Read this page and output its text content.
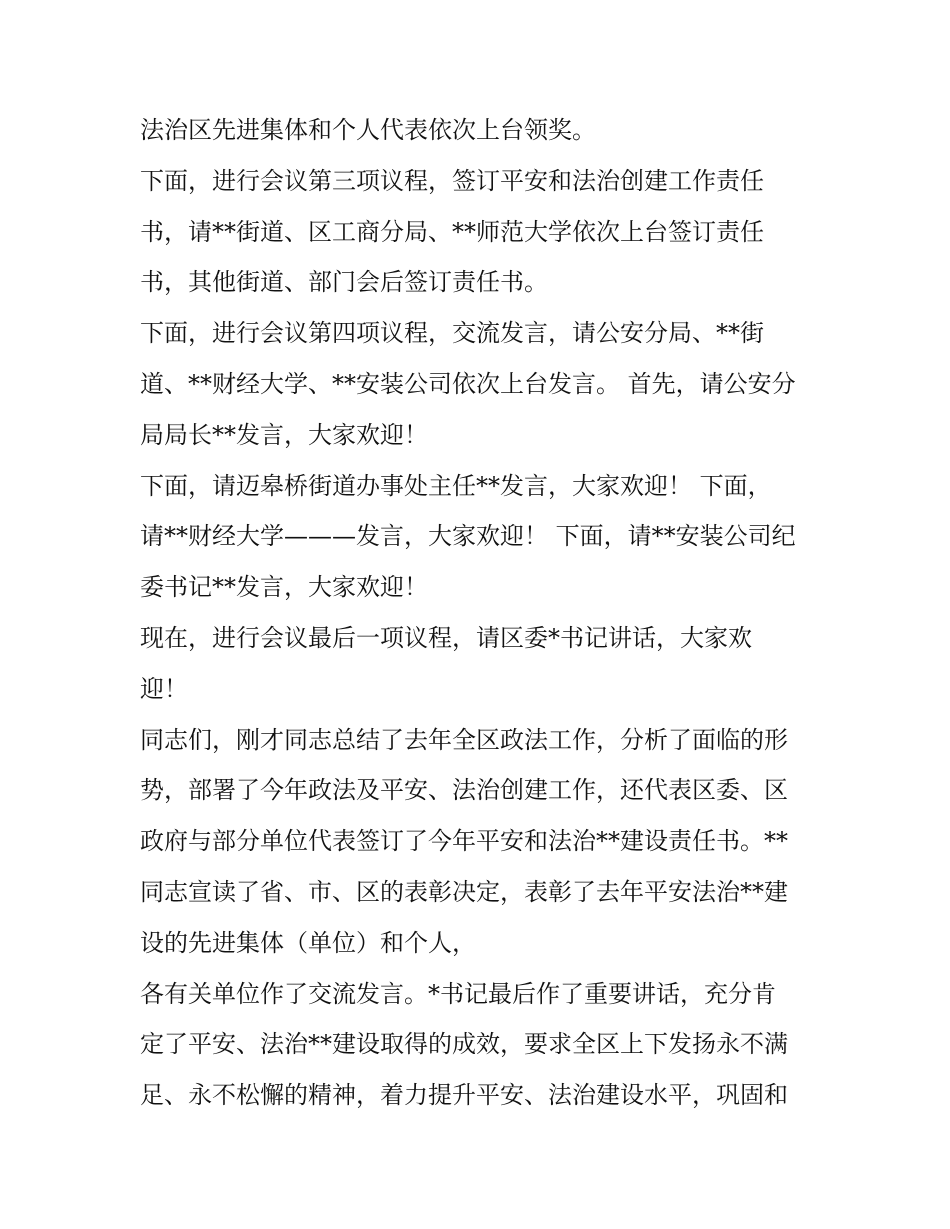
法治区先进集体和个人代表依次上台领奖。
下面，进行会议第三项议程，签订平安和法治创建工作责任
书，请**街道、区工商分局、**师范大学依次上台签订责任
书，其他街道、部门会后签订责任书。
下面，进行会议第四项议程，交流发言，请公安分局、**街
道、**财经大学、**安装公司依次上台发言。 首先，请公安分
局局长**发言，大家欢迎！
下面，请迈皋桥街道办事处主任**发言，大家欢迎！ 下面，
请**财经大学———发言，大家欢迎！ 下面，请**安装公司纪
委书记**发言，大家欢迎！
现在，进行会议最后一项议程，请区委*书记讲话，大家欢
迎！
同志们，刚才同志总结了去年全区政法工作，分析了面临的形
势，部署了今年政法及平安、法治创建工作，还代表区委、区
政府与部分单位代表签订了今年平安和法治**建设责任书。**
同志宣读了省、市、区的表彰决定，表彰了去年平安法治**建
设的先进集体（单位）和个人，
各有关单位作了交流发言。*书记最后作了重要讲话，充分肯
定了平安、法治**建设取得的成效，要求全区上下发扬永不满
足、永不松懈的精神，着力提升平安、法治建设水平，巩固和
